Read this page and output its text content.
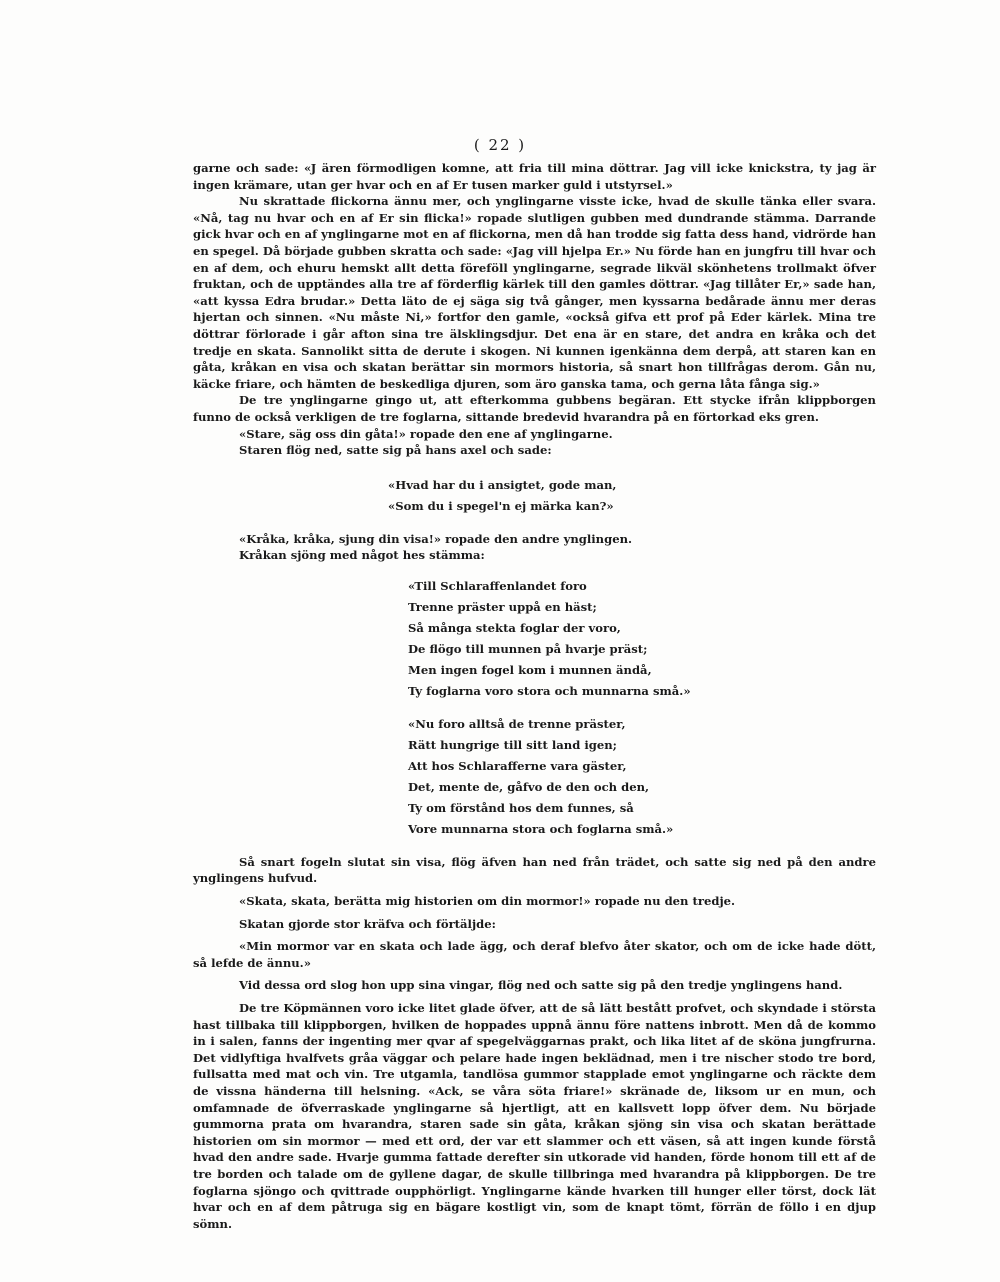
( 22 )

garne och sade: «J ären förmodligen komne, att fria till mina döttrar. Jag vill icke knickstra, ty jag är ingen krämare, utan ger hvar och en af Er tusen marker guld i utstyrsel.»

Nu skrattade flickorna ännu mer, och ynglingarne visste icke, hvad de skulle tänka eller svara. «Nå, tag nu hvar och en af Er sin flicka!» ropade slutligen gubben med dundrande stämma. Darrande gick hvar och en af ynglingarne mot en af flickorna, men då han trodde sig fatta dess hand, vidrörde han en spegel. Då började gubben skratta och sade: «Jag vill hjelpa Er.» Nu förde han en jungfru till hvar och en af dem, och ehuru hemskt allt detta föreföll ynglingarne, segrade likväl skönhetens trollmakt öfver fruktan, och de upptändes alla tre af förderflig kärlek till den gamles döttrar. «Jag tillåter Er,» sade han, «att kyssa Edra brudar.» Detta läto de ej säga sig två gånger, men kyssarna bedårade ännu mer deras hjertan och sinnen. «Nu måste Ni,» fortfor den gamle, «också gifva ett prof på Eder kärlek. Mina tre döttrar förlorade i går afton sina tre älsklingsdjur. Det ena är en stare, det andra en kråka och det tredje en skata. Sannolikt sitta de derute i skogen. Ni kunnen igenkänna dem derpå, att staren kan en gåta, kråkan en visa och skatan berättar sin mormors historia, så snart hon tillfrågas derom. Gån nu, käcke friare, och hämten de beskedliga djuren, som äro ganska tama, och gerna låta fånga sig.»

De tre ynglingarne gingo ut, att efterkomma gubbens begäran. Ett stycke ifrån klippborgen funno de också verkligen de tre foglarna, sittande bredevid hvarandra på en förtorkad eks gren.

«Stare, säg oss din gåta!» ropade den ene af ynglingarne.

Staren flög ned, satte sig på hans axel och sade:

«Hvad har du i ansigtet, gode man,
«Som du i spegel'n ej märka kan?»

«Kråka, kråka, sjung din visa!» ropade den andre ynglingen.

Kråkan sjöng med något hes stämma:

«Till Schlaraffenlandet foro
Trenne präster uppå en häst;
Så många stekta foglar der voro,
De flögo till munnen på hvarje präst;
Men ingen fogel kom i munnen ändå,
Ty foglarna voro stora och munnarna små.»
«Nu foro alltså de trenne präster,
Rätt hungrige till sitt land igen;
Att hos Schlaraffernе vara gäster,
Det, mente de, gåfvo de den och den,
Ty om förstånd hos dem funnes, så
Vore munnarna stora och foglarna små.»

Så snart fogeln slutat sin visa, flög äfven han ned från trädet, och satte sig ned på den andre ynglingens hufvud.

«Skata, skata, berätta mig historien om din mormor!» ropade nu den tredje.

Skatan gjorde stor kräfva och förtäljde:

«Min mormor var en skata och lade ägg, och deraf blefvo åter skator, och om de icke hade dött, så lefde de ännu.»

Vid dessa ord slog hon upp sina vingar, flög ned och satte sig på den tredje ynglingens hand.

De tre Köpmännen voro icke litet glade öfver, att de så lätt bestått profvet, och skyndade i största hast tillbaka till klippborgen, hvilken de hoppades uppnå ännu före nattens inbrott. Men då de kommo in i salen, fanns der ingenting mer qvar af spegelväggarnas prakt, och lika litet af de sköna jungfrurna. Det vidlyftiga hvalfvets gråa väggar och pelare hade ingen beklädnad, men i tre nischer stodo tre bord, fullsatta med mat och vin. Tre utgamla, tandlösa gummor stapplade emot ynglingarne och räckte dem de vissna händerna till helsning. «Ack, se våra söta friare!» skränade de, liksom ur en mun, och omfamnade de öfverraskade ynglingarne så hjertligt, att en kallsvett lopp öfver dem. Nu började gummorna prata om hvarandra, staren sade sin gåta, kråkan sjöng sin visa och skatan berättade historien om sin mormor — med ett ord, der var ett slammer och ett väsen, så att ingen kunde förstå hvad den andre sade. Hvarje gumma fattade derefter sin utkorade vid handen, förde honom till ett af de tre borden och talade om de gyllene dagar, de skulle tillbringa med hvarandra på klippborgen. De tre foglarna sjöngo och qvittrade oupphörligt. Ynglingarne kände hvarken till hunger eller törst, dock lät hvar och en af dem påtruga sig en bägare kostligt vin, som de knapt tömt, förrän de föllo i en djup sömn.
